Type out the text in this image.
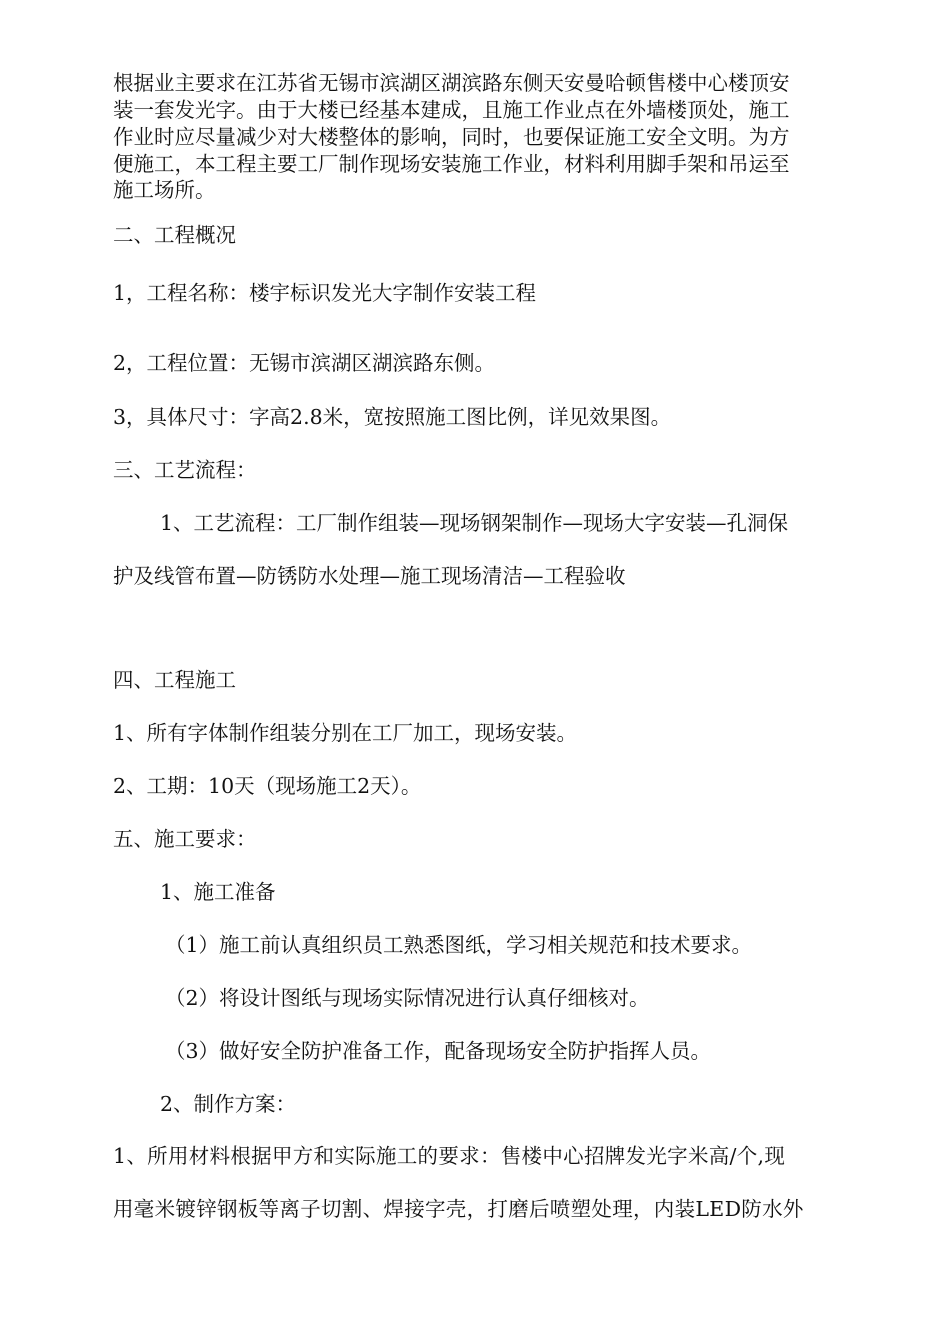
根据业主要求在江苏省无锡市滨湖区湖滨路东侧天安曼哈顿售楼中心楼顶安
装一套发光字。由于大楼已经基本建成，且施工作业点在外墙楼顶处，施工
作业时应尽量减少对大楼整体的影响，同时，也要保证施工安全文明。为方
便施工，本工程主要工厂制作现场安装施工作业，材料利用脚手架和吊运至
施工场所。
二、工程概况
1，工程名称：楼宇标识发光大字制作安装工程
2，工程位置：无锡市滨湖区湖滨路东侧。
3，具体尺寸：字高2.8米，宽按照施工图比例，详见效果图。
三、工艺流程：
1、工艺流程：工厂制作组装—现场钢架制作—现场大字安装—孔洞保
护及线管布置—防锈防水处理—施工现场清洁—工程验收
四、工程施工
1、所有字体制作组装分别在工厂加工，现场安装。
2、工期：10天（现场施工2天）。
五、施工要求：
1、施工准备
（1）施工前认真组织员工熟悉图纸，学习相关规范和技术要求。
（2）将设计图纸与现场实际情况进行认真仔细核对。
（3）做好安全防护准备工作，配备现场安全防护指挥人员。
2、制作方案：
1、所用材料根据甲方和实际施工的要求：售楼中心招牌发光字米高/个,现
用毫米镀锌钢板等离子切割、焊接字壳，打磨后喷塑处理，内装LED防水外
